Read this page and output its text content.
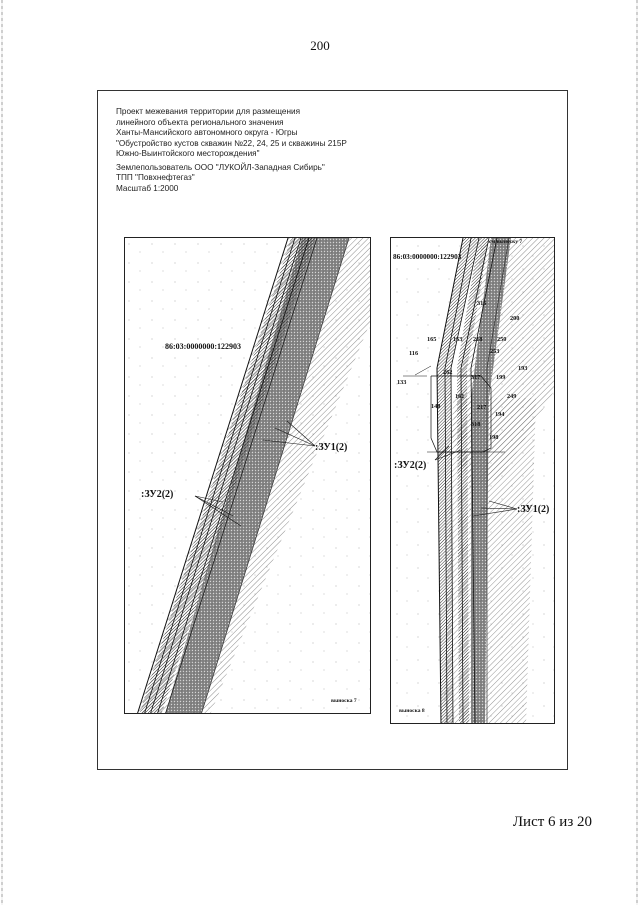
200
Проект межевания территории для размещения
линейного объекта регионального значения
Ханты-Мансийского автономного округа - Югры
"Обустройство кустов скважин №22, 24, 25 и скважины 215Р
Южно-Выинтойского месторождения"
Землепользователь ООО "ЛУКОЙЛ-Западная Сибирь"
ТПП "Повхнефтегаз"
Масштаб 1:2000
86:03:0000000:122903
:ЗУ1(2)
:ЗУ2(2)
выноска 7
см.выноску 7
86:03:0000000:122903
316
200
165	163 218 250
116	253
193
262
317 199
133
161	249
140	217
194
318
198
:ЗУ2(2)
:ЗУ1(2)
выноска 8
Лист 6 из 20
